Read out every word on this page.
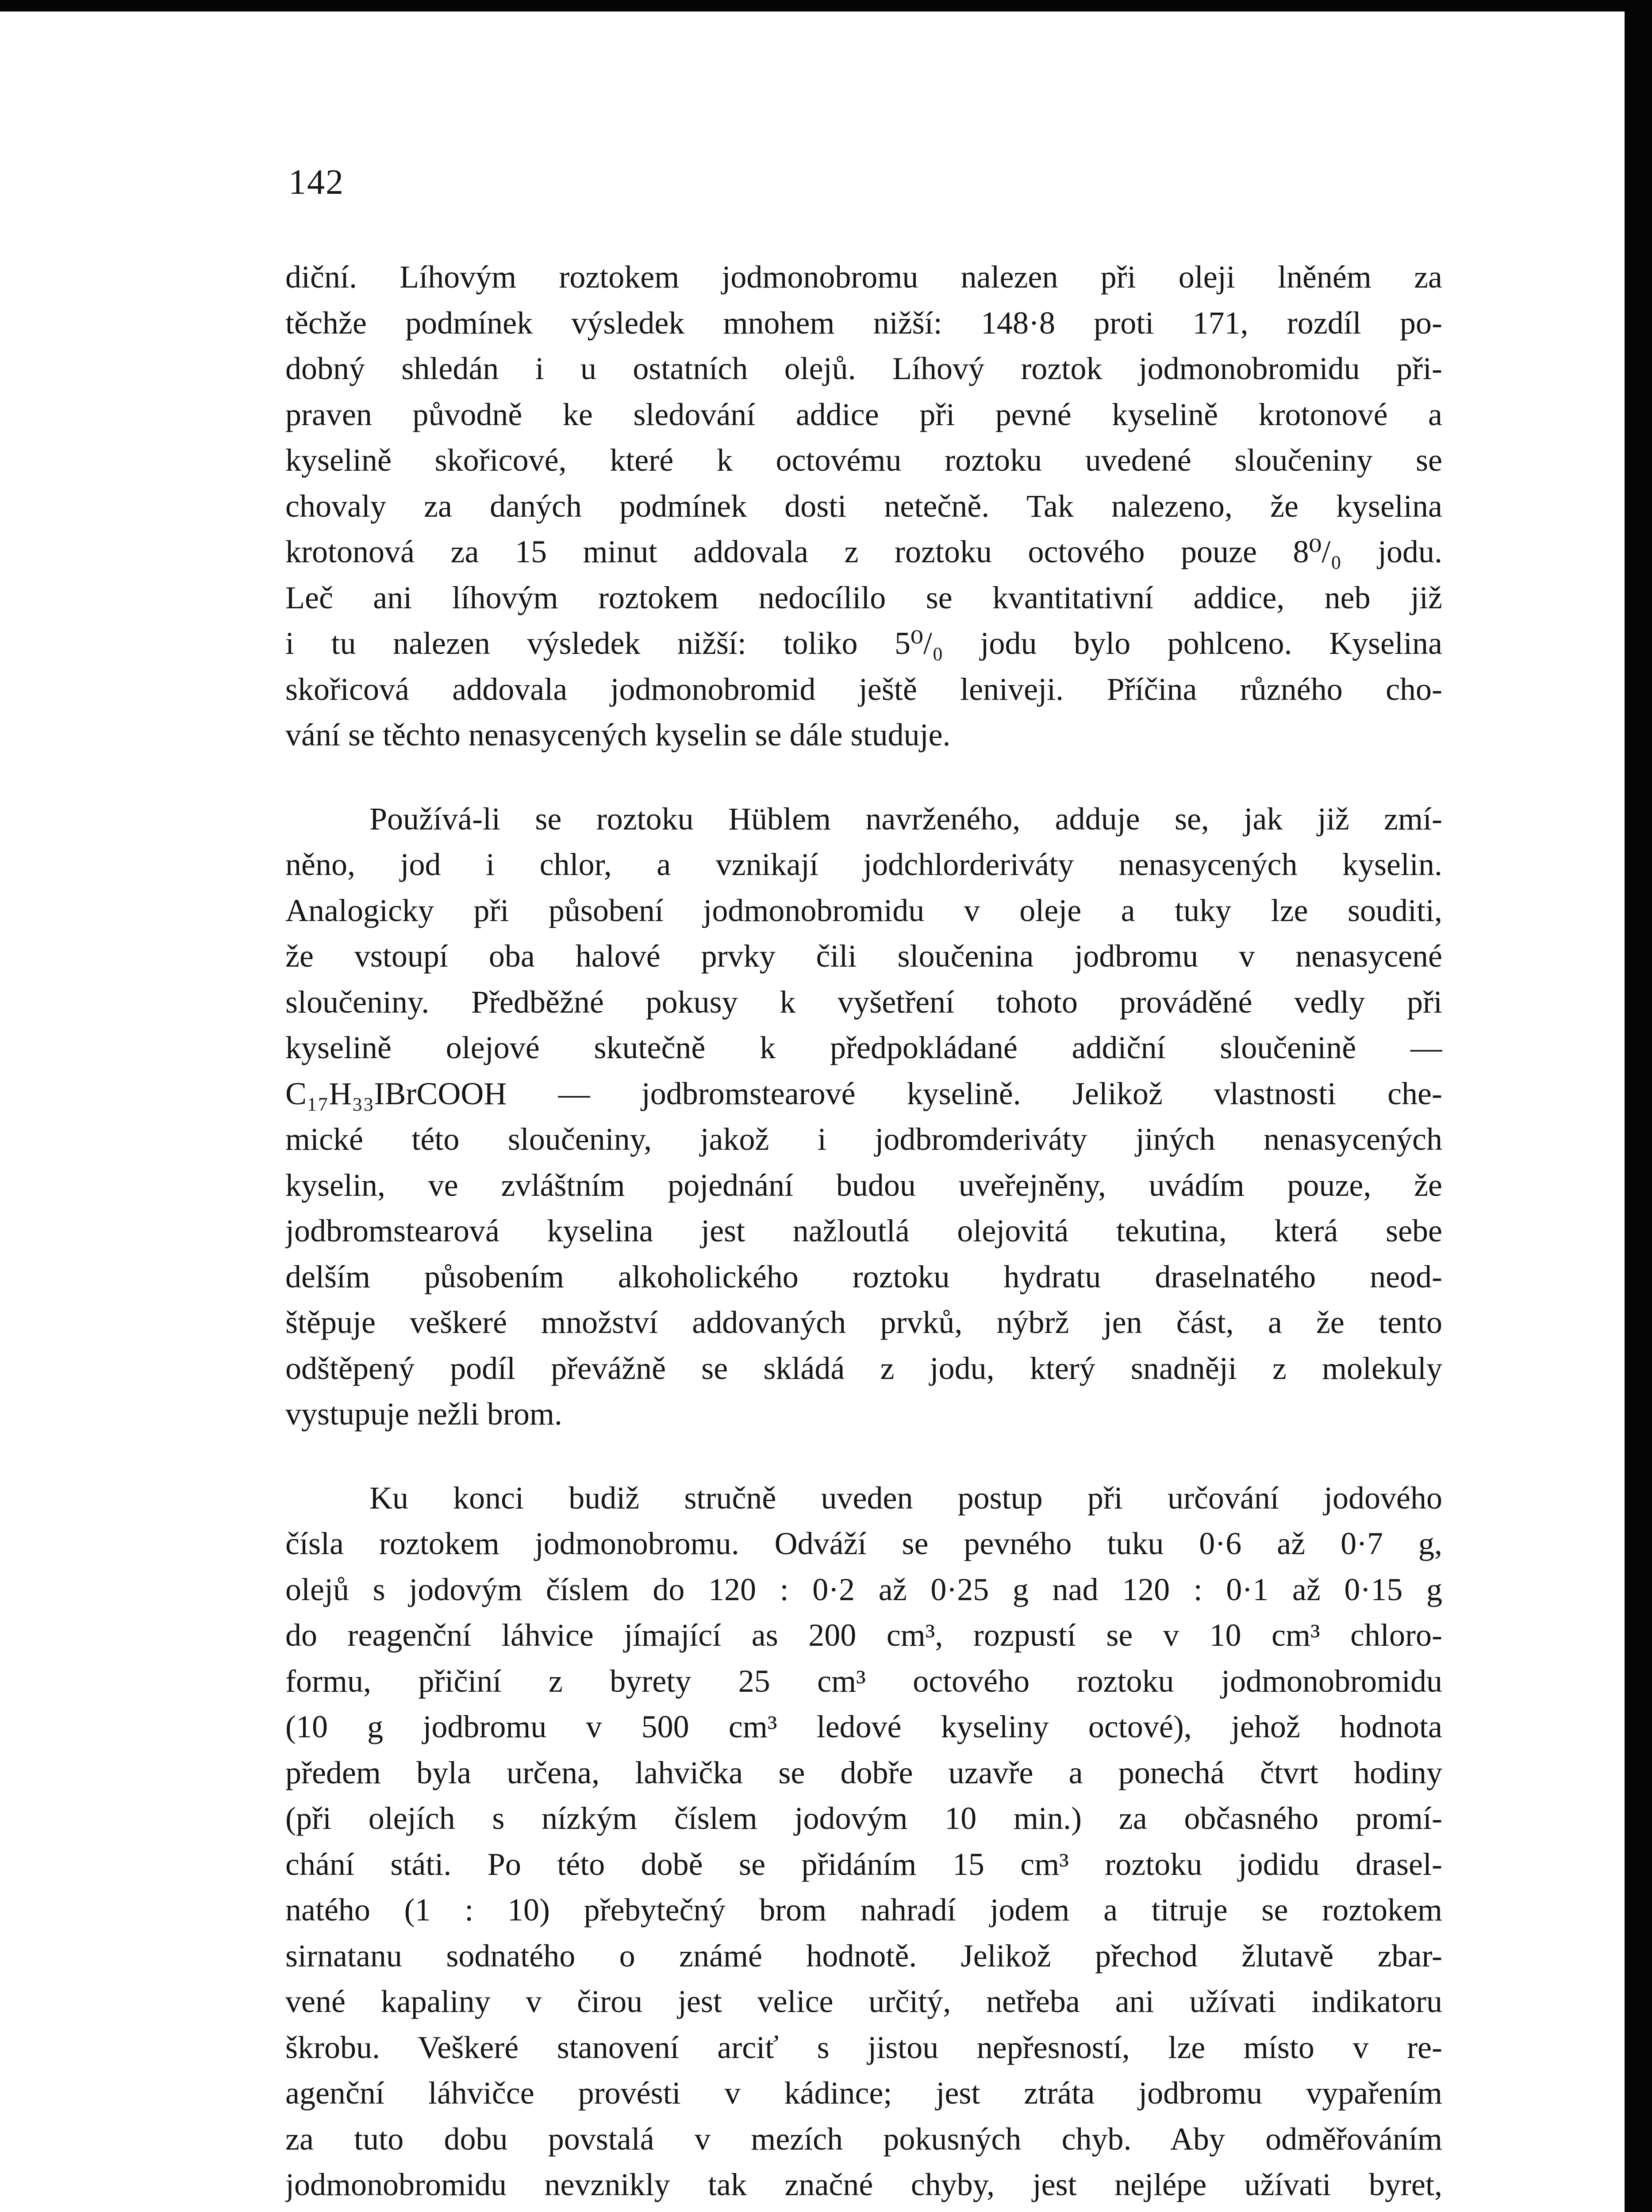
142
diční. Líhovým roztokem jodmonobromu nalezen při oleji lněném za
těchže podmínek výsledek mnohem nižší: 148·8 proti 171, rozdíl po-
dobný shledán i u ostatních olejů. Líhový roztok jodmonobromidu při-
praven původně ke sledování addice při pevné kyselině krotonové a
kyselině skořicové, které k octovému roztoku uvedené sloučeniny se
chovaly za daných podmínek dosti netečně. Tak nalezeno, že kyselina
krotonová za 15 minut addovala z roztoku octového pouze 8⁰/₀ jodu.
Leč ani líhovým roztokem nedocílilo se kvantitativní addice, neb již
i tu nalezen výsledek nižší: toliko 5⁰/₀ jodu bylo pohlceno. Kyselina
skořicová addovala jodmonobromid ještě leniveji. Příčina různého cho-
vání se těchto nenasycených kyselin se dále studuje.
Používá-li se roztoku Hüblem navrženého, adduje se, jak již zmí-
něno, jod i chlor, a vznikají jodchlorderiváty nenasycených kyselin.
Analogicky při působení jodmonobromidu v oleje a tuky lze souditi,
že vstoupí oba halové prvky čili sloučenina jodbromu v nenasycené
sloučeniny. Předběžné pokusy k vyšetření tohoto prováděné vedly při
kyselině olejové skutečně k předpokládané addiční sloučenině —
C₁₇H₃₃IBrCOOH — jodbromstearové kyselině. Jelikož vlastnosti che-
mické této sloučeniny, jakož i jodbromderiváty jiných nenasycených
kyselin, ve zvláštním pojednání budou uveřejněny, uvádím pouze, že
jodbromstearová kyselina jest nažloutlá olejovitá tekutina, která sebe
delším působením alkoholického roztoku hydratu draselnatého neod-
štěpuje veškeré množství addovaných prvků, nýbrž jen část, a že tento
odštěpený podíl převážně se skládá z jodu, který snadněji z molekuly
vystupuje nežli brom.
Ku konci budiž stručně uveden postup při určování jodového
čísla roztokem jodmonobromu. Odváží se pevného tuku 0·6 až 0·7 g,
olejů s jodovým číslem do 120 : 0·2 až 0·25 g nad 120 : 0·1 až 0·15 g
do reagenční láhvice jímající as 200 cm³, rozpustí se v 10 cm³ chloro-
formu, přičiní z byrety 25 cm³ octového roztoku jodmonobromidu
(10 g jodbromu v 500 cm³ ledové kyseliny octové), jehož hodnota
předem byla určena, lahvička se dobře uzavře a ponechá čtvrt hodiny
(při olejích s nízkým číslem jodovým 10 min.) za občasného promí-
chání státi. Po této době se přidáním 15 cm³ roztoku jodidu drasel-
natého (1 : 10) přebytečný brom nahradí jodem a titruje se roztokem
sirnatanu sodnatého o známé hodnotě. Jelikož přechod žlutavě zbar-
vené kapaliny v čirou jest velice určitý, netřeba ani užívati indikatoru
škrobu. Veškeré stanovení arciť s jistou nepřesností, lze místo v re-
agenční láhvičce provésti v kádince; jest ztráta jodbromu vypařením
za tuto dobu povstalá v mezích pokusných chyb. Aby odměřováním
jodmonobromidu nevznikly tak značné chyby, jest nejlépe užívati byret,
